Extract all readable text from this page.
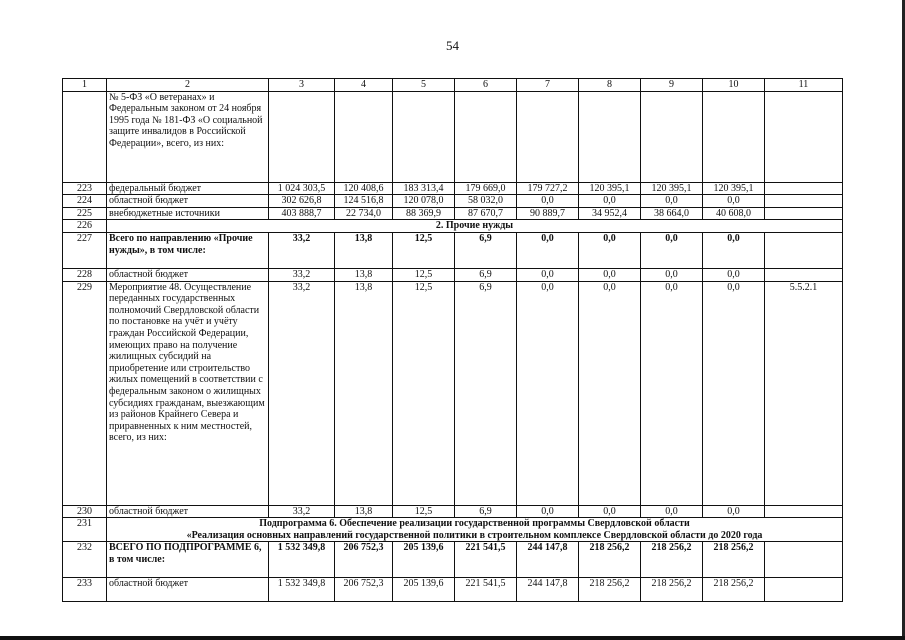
54
1	2	3	4	5	6	7	8	9	10	11
	№ 5-ФЗ «О ветеранах» и Федеральным законом от 24 ноября 1995 года № 181-ФЗ «О социальной защите инвалидов в Российской Федерации», всего, из них:									
223	федеральный бюджет	1 024 303,5	120 408,6	183 313,4	179 669,0	179 727,2	120 395,1	120 395,1	120 395,1	
224	областной бюджет	302 626,8	124 516,8	120 078,0	58 032,0	0,0	0,0	0,0	0,0	
225	внебюджетные источники	403 888,7	22 734,0	88 369,9	87 670,7	90 889,7	34 952,4	38 664,0	40 608,0	
226	2. Прочие нужды									
227	Всего по направлению «Прочие нужды», в том числе:	33,2	13,8	12,5	6,9	0,0	0,0	0,0	0,0	
228	областной бюджет	33,2	13,8	12,5	6,9	0,0	0,0	0,0	0,0	
229	Мероприятие 48. Осуществление переданных государственных полномочий Свердловской области по постановке на учёт и учёту граждан Российской Федерации, имеющих право на получение жилищных субсидий на приобретение или строительство жилых помещений в соответствии с федеральным законом о жилищных субсидиях гражданам, выезжающим из районов Крайнего Севера и приравненных к ним местностей, всего, из них:	33,2	13,8	12,5	6,9	0,0	0,0	0,0	0,0	5.5.2.1
230	областной бюджет	33,2	13,8	12,5	6,9	0,0	0,0	0,0	0,0	
231	Подпрограмма 6. Обеспечение реализации государственной программы Свердловской области
«Реализация основных направлений государственной политики в строительном комплексе Свердловской области до 2020 года									

232	ВСЕГО ПО ПОДПРОГРАММЕ 6, в том числе:	1 532 349,8	206 752,3	205 139,6	221 541,5	244 147,8	218 256,2	218 256,2	218 256,2	
233	областной бюджет	1 532 349,8	206 752,3	205 139,6	221 541,5	244 147,8	218 256,2	218 256,2	218 256,2	
